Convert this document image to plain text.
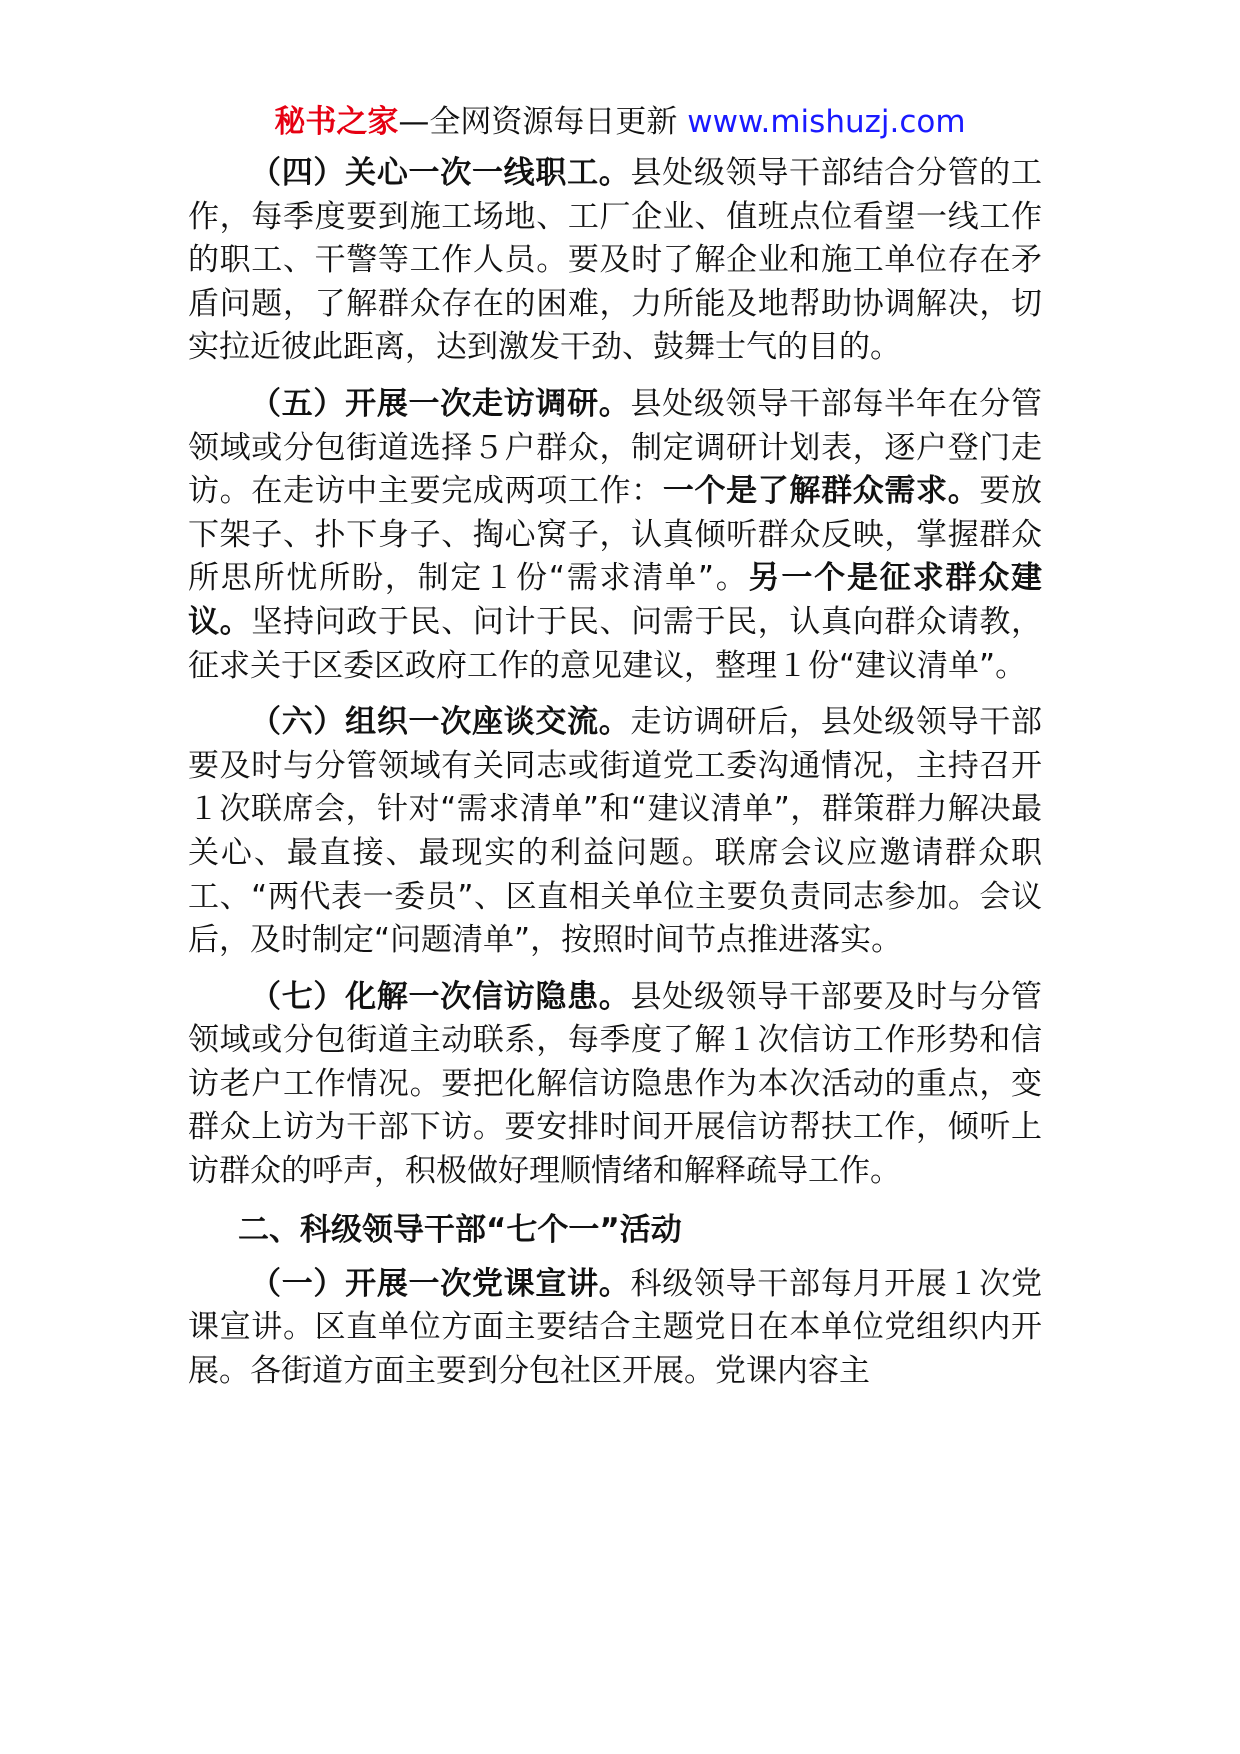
秘书之家—全网资源每日更新 www.mishuzj.com

（四）关心一次一线职工。县处级领导干部结合分管的工作，每季度要到施工场地、工厂企业、值班点位看望一线工作的职工、干警等工作人员。要及时了解企业和施工单位存在矛盾问题，了解群众存在的困难，力所能及地帮助协调解决，切实拉近彼此距离，达到激发干劲、鼓舞士气的目的。

（五）开展一次走访调研。县处级领导干部每半年在分管领域或分包街道选择５户群众，制定调研计划表，逐户登门走访。在走访中主要完成两项工作：一个是了解群众需求。要放下架子、扑下身子、掏心窝子，认真倾听群众反映，掌握群众所思所忧所盼，制定１份“需求清单”。另一个是征求群众建议。坚持问政于民、问计于民、问需于民，认真向群众请教，征求关于区委区政府工作的意见建议，整理１份“建议清单”。

（六）组织一次座谈交流。走访调研后，县处级领导干部要及时与分管领域有关同志或街道党工委沟通情况，主持召开１次联席会，针对“需求清单”和“建议清单”，群策群力解决最关心、最直接、最现实的利益问题。联席会议应邀请群众职工、“两代表一委员”、区直相关单位主要负责同志参加。会议后，及时制定“问题清单”，按照时间节点推进落实。

（七）化解一次信访隐患。县处级领导干部要及时与分管领域或分包街道主动联系，每季度了解１次信访工作形势和信访老户工作情况。要把化解信访隐患作为本次活动的重点，变群众上访为干部下访。要安排时间开展信访帮扶工作，倾听上访群众的呼声，积极做好理顺情绪和解释疏导工作。

二、科级领导干部“七个一”活动

（一）开展一次党课宣讲。科级领导干部每月开展１次党课宣讲。区直单位方面主要结合主题党日在本单位党组织内开展。各街道方面主要到分包社区开展。党课内容主
